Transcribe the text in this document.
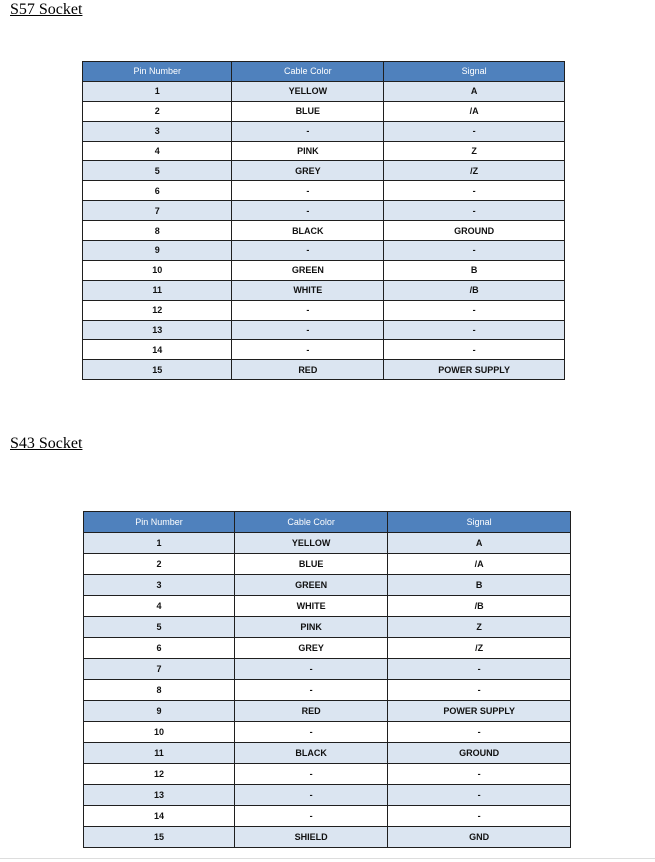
S57 Socket
Pin Number	Cable Color	Signal
1	YELLOW	A
2	BLUE	/A
3	-	-
4	PINK	Z
5	GREY	/Z
6	-	-
7	-	-
8	BLACK	GROUND
9	-	-
10	GREEN	B
11	WHITE	/B
12	-	-
13	-	-
14	-	-
15	RED	POWER SUPPLY
S43 Socket
Pin Number	Cable Color	Signal
1	YELLOW	A
2	BLUE	/A
3	GREEN	B
4	WHITE	/B
5	PINK	Z
6	GREY	/Z
7	-	-
8	-	-
9	RED	POWER SUPPLY
10	-	-
11	BLACK	GROUND
12	-	-
13	-	-
14	-	-
15	SHIELD	GND
